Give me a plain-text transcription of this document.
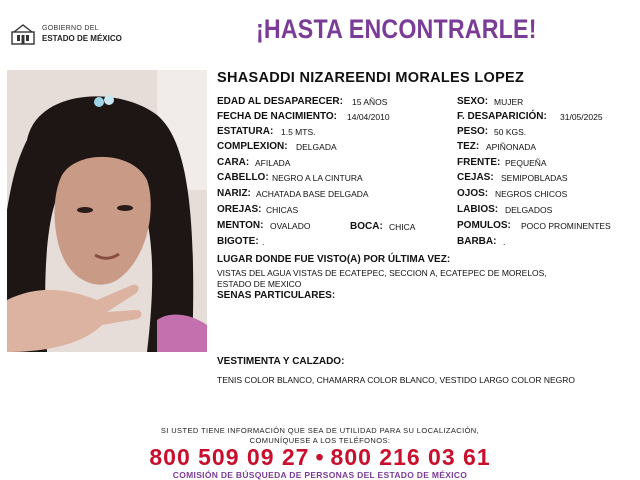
GOBIERNO DEL
ESTADO DE MÉXICO	¡HASTA ENCONTRARLE!
SHASADDI NIZAREENDI MORALES LOPEZ
EDAD AL DESAPARECER: 15 AÑOS
FECHA DE NACIMIENTO: 14/04/2010
ESTATURA: 1.5 MTS.
COMPLEXION: DELGADA
CARA: AFILADA
CABELLO: NEGRO A LA CINTURA
NARIZ: ACHATADA BASE DELGADA
OREJAS: CHICAS
MENTON: OVALADO	BOCA: CHICA
BIGOTE: .
SEXO: MUJER
F. DESAPARICIÓN: 31/05/2025
PESO: 50 KGS.
TEZ: APIÑONADA
FRENTE: PEQUEÑA
CEJAS: SEMIPOBLADAS
OJOS: NEGROS CHICOS
LABIOS: DELGADOS
POMULOS: POCO PROMINENTES
BARBA: .
LUGAR DONDE FUE VISTO(A) POR ÚLTIMA VEZ:
VISTAS DEL AGUA VISTAS DE ECATEPEC, SECCION A, ECATEPEC DE MORELOS,
ESTADO DE MEXICO
SENAS PARTICULARES:
VESTIMENTA Y CALZADO:
TENIS COLOR BLANCO, CHAMARRA COLOR BLANCO, VESTIDO LARGO COLOR NEGRO
SI USTED TIENE INFORMACIÓN QUE SEA DE UTILIDAD PARA SU LOCALIZACIÓN,
COMUNÍQUESE A LOS TELÉFONOS:
800 509 09 27 • 800 216 03 61
COMISIÓN DE BÚSQUEDA DE PERSONAS DEL ESTADO DE MÉXICO
